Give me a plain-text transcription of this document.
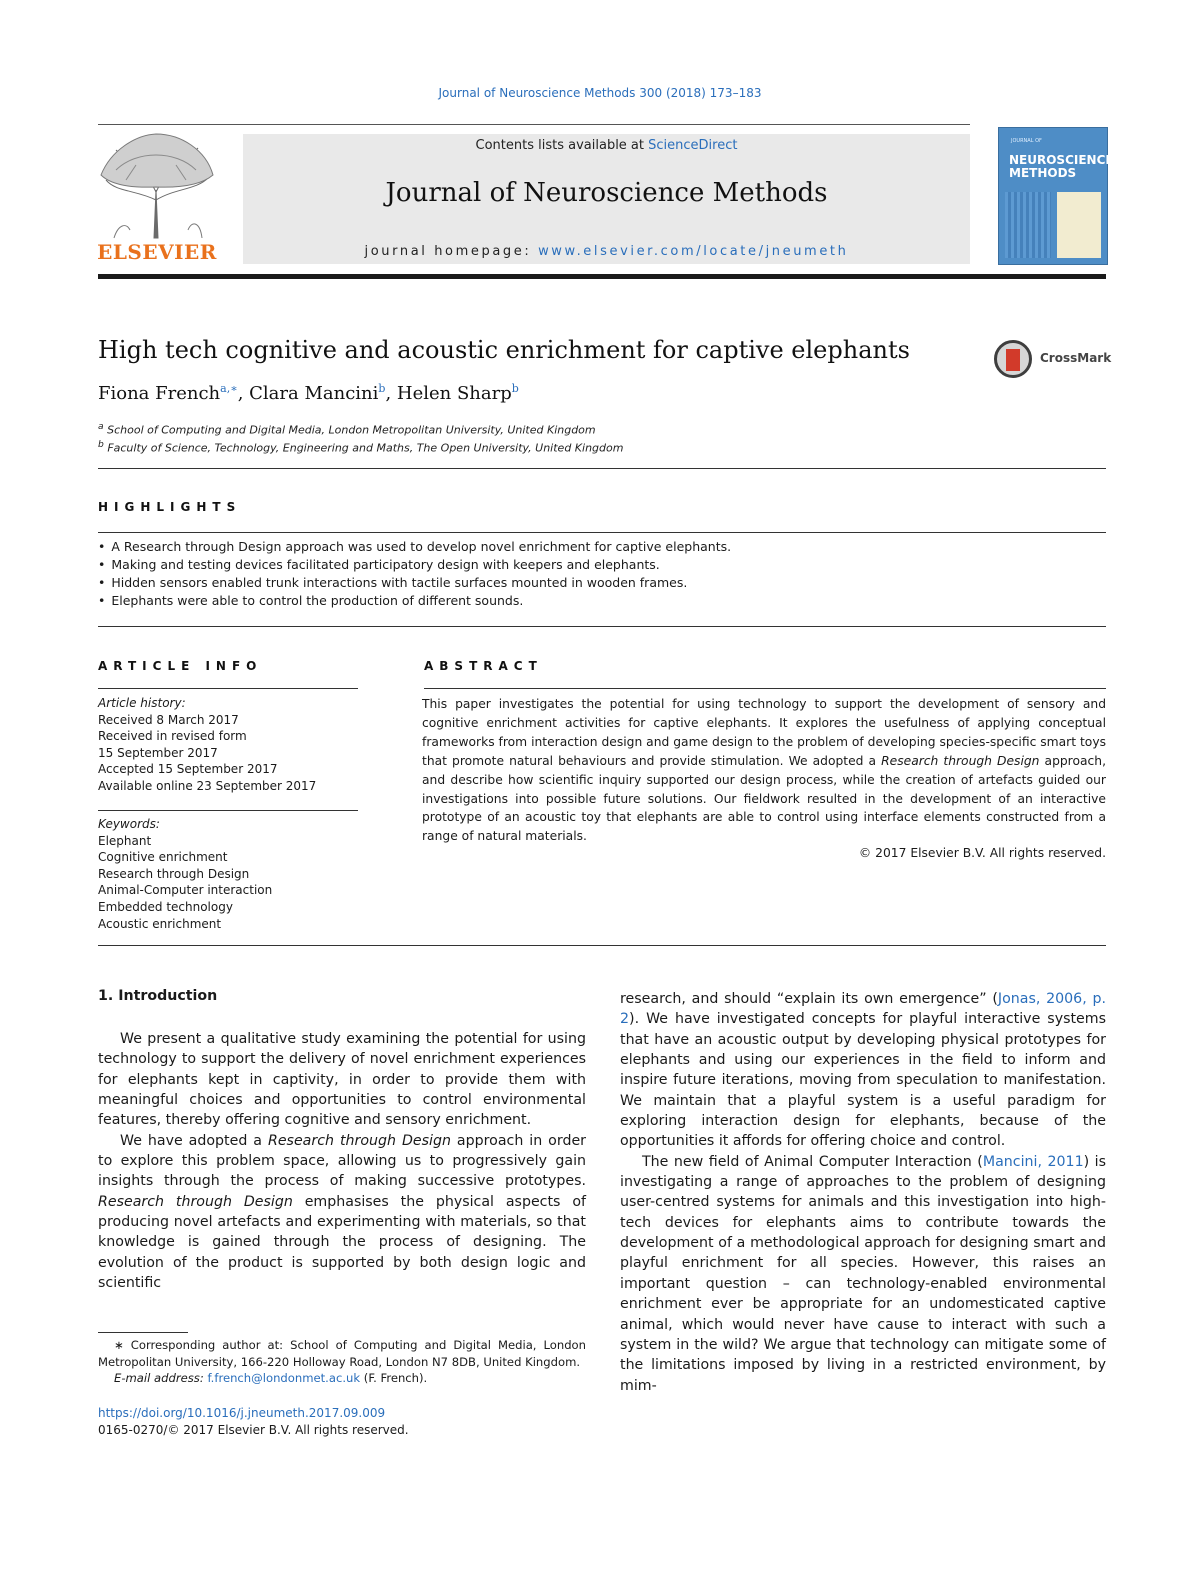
Journal of Neuroscience Methods 300 (2018) 173–183
ELSEVIER
Contents lists available at ScienceDirect
Journal of Neuroscience Methods
journal homepage: www.elsevier.com/locate/jneumeth
JOURNAL OF
NEUROSCIENCE
METHODS
High tech cognitive and acoustic enrichment for captive elephants	CrossMark
Fiona French$^{a,∗}$, Clara Mancini$^b$, Helen Sharp$^b$
$^a$ School of Computing and Digital Media, London Metropolitan University, United Kingdom
$^b$ Faculty of Science, Technology, Engineering and Maths, The Open University, United Kingdom
HIGHLIGHTS
• A Research through Design approach was used to develop novel enrichment for captive elephants.
• Making and testing devices facilitated participatory design with keepers and elephants.
• Hidden sensors enabled trunk interactions with tactile surfaces mounted in wooden frames.
• Elephants were able to control the production of different sounds.
ARTICLE INFO
Article history:
Received 8 March 2017
Received in revised form
15 September 2017
Accepted 15 September 2017
Available online 23 September 2017
Keywords:
Elephant
Cognitive enrichment
Research through Design
Animal-Computer interaction
Embedded technology
Acoustic enrichment
ABSTRACT
This paper investigates the potential for using technology to support the development of sensory and cognitive enrichment activities for captive elephants. It explores the usefulness of applying conceptual frameworks from interaction design and game design to the problem of developing species-specific smart toys that promote natural behaviours and provide stimulation. We adopted a Research through Design approach, and describe how scientific inquiry supported our design process, while the creation of artefacts guided our investigations into possible future solutions. Our fieldwork resulted in the development of an interactive prototype of an acoustic toy that elephants are able to control using interface elements constructed from a range of natural materials.
© 2017 Elsevier B.V. All rights reserved.
1. Introduction

We present a qualitative study examining the potential for using technology to support the delivery of novel enrichment experiences for elephants kept in captivity, in order to provide them with meaningful choices and opportunities to control environmental features, thereby offering cognitive and sensory enrichment.

We have adopted a Research through Design approach in order to explore this problem space, allowing us to progressively gain insights through the process of making successive prototypes. Research through Design emphasises the physical aspects of producing novel artefacts and experimenting with materials, so that knowledge is gained through the process of designing. The evolution of the product is supported by both design logic and scientific

research, and should “explain its own emergence” (Jonas, 2006, p. 2). We have investigated concepts for playful interactive systems that have an acoustic output by developing physical prototypes for elephants and using our experiences in the field to inform and inspire future iterations, moving from speculation to manifestation. We maintain that a playful system is a useful paradigm for exploring interaction design for elephants, because of the opportunities it affords for offering choice and control.

The new field of Animal Computer Interaction (Mancini, 2011) is investigating a range of approaches to the problem of designing user-centred systems for animals and this investigation into high-tech devices for elephants aims to contribute towards the development of a methodological approach for designing smart and playful enrichment for all species. However, this raises an important question – can technology-enabled environmental enrichment ever be appropriate for an undomesticated captive animal, which would never have cause to interact with such a system in the wild? We argue that technology can mitigate some of the limitations imposed by living in a restricted environment, by mim-

∗ Corresponding author at: School of Computing and Digital Media, London Metropolitan University, 166-220 Holloway Road, London N7 8DB, United Kingdom.
E-mail address: f.french@londonmet.ac.uk (F. French).
https://doi.org/10.1016/j.jneumeth.2017.09.009
0165-0270/© 2017 Elsevier B.V. All rights reserved.
